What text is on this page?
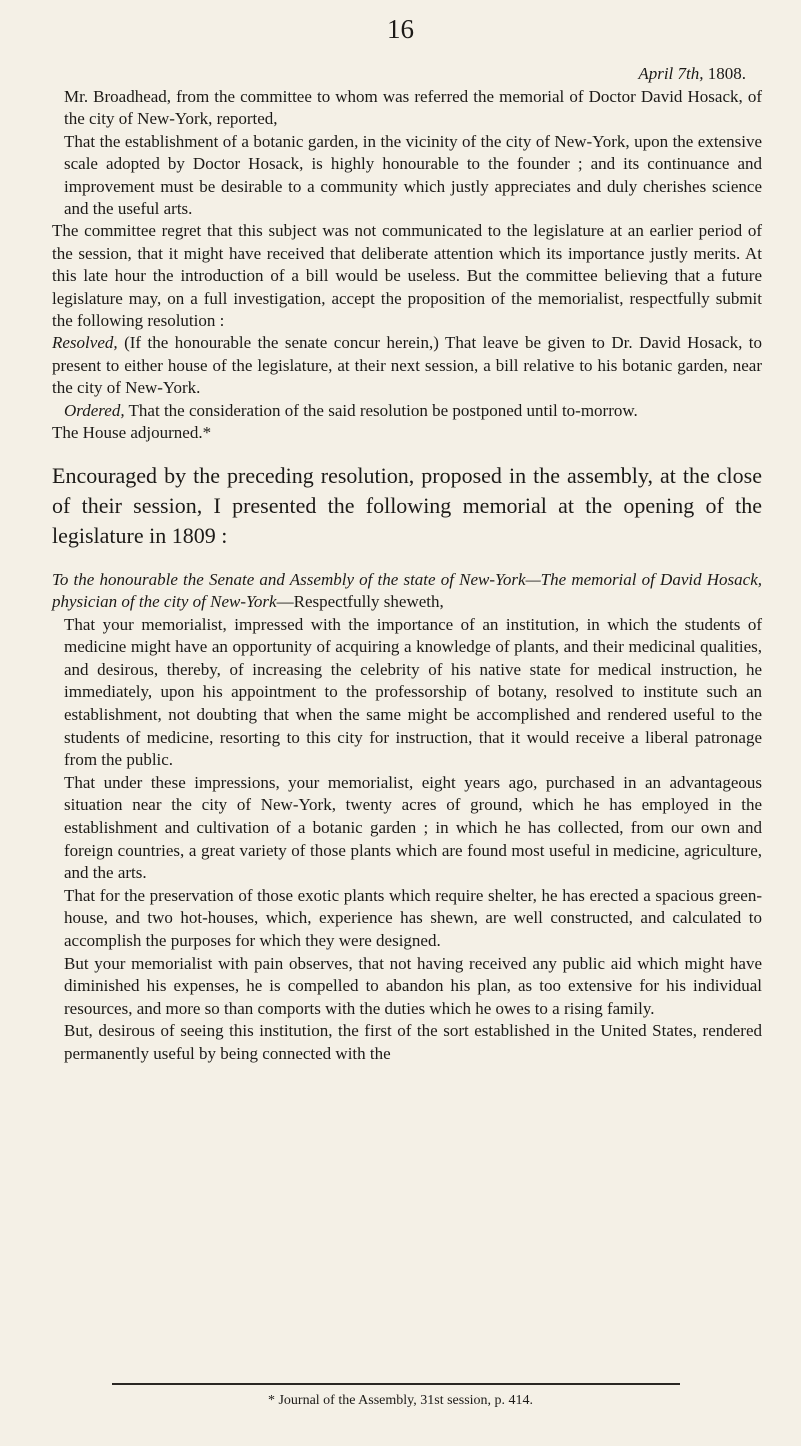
16
April 7th, 1808.

Mr. Broadhead, from the committee to whom was referred the memorial of Doctor David Hosack, of the city of New-York, reported,

That the establishment of a botanic garden, in the vicinity of the city of New-York, upon the extensive scale adopted by Doctor Hosack, is highly honourable to the founder ; and its continuance and improvement must be desirable to a community which justly appreciates and duly cherishes science and the useful arts.

The committee regret that this subject was not communicated to the legislature at an earlier period of the session, that it might have received that deliberate attention which its importance justly merits. At this late hour the introduction of a bill would be useless. But the committee believing that a future legislature may, on a full investigation, accept the proposition of the memorialist, respectfully submit the following resolution :

Resolved, (If the honourable the senate concur herein,) That leave be given to Dr. David Hosack, to present to either house of the legislature, at their next session, a bill relative to his botanic garden, near the city of New-York.

Ordered, That the consideration of the said resolution be postponed until to-morrow.

The House adjourned.*

Encouraged by the preceding resolution, proposed in the assembly, at the close of their session, I presented the following memorial at the opening of the legislature in 1809 :

To the honourable the Senate and Assembly of the state of New-York—The memorial of David Hosack, physician of the city of New-York—Respectfully sheweth,

That your memorialist, impressed with the importance of an institution, in which the students of medicine might have an opportunity of acquiring a knowledge of plants, and their medicinal qualities, and desirous, thereby, of increasing the celebrity of his native state for medical instruction, he immediately, upon his appointment to the professorship of botany, resolved to institute such an establishment, not doubting that when the same might be accomplished and rendered useful to the students of medicine, resorting to this city for instruction, that it would receive a liberal patronage from the public.

That under these impressions, your memorialist, eight years ago, purchased in an advantageous situation near the city of New-York, twenty acres of ground, which he has employed in the establishment and cultivation of a botanic garden ; in which he has collected, from our own and foreign countries, a great variety of those plants which are found most useful in medicine, agriculture, and the arts.

That for the preservation of those exotic plants which require shelter, he has erected a spacious green-house, and two hot-houses, which, experience has shewn, are well constructed, and calculated to accomplish the purposes for which they were designed.

But your memorialist with pain observes, that not having received any public aid which might have diminished his expenses, he is compelled to abandon his plan, as too extensive for his individual resources, and more so than comports with the duties which he owes to a rising family.

But, desirous of seeing this institution, the first of the sort established in the United States, rendered permanently useful by being connected with the

* Journal of the Assembly, 31st session, p. 414.
